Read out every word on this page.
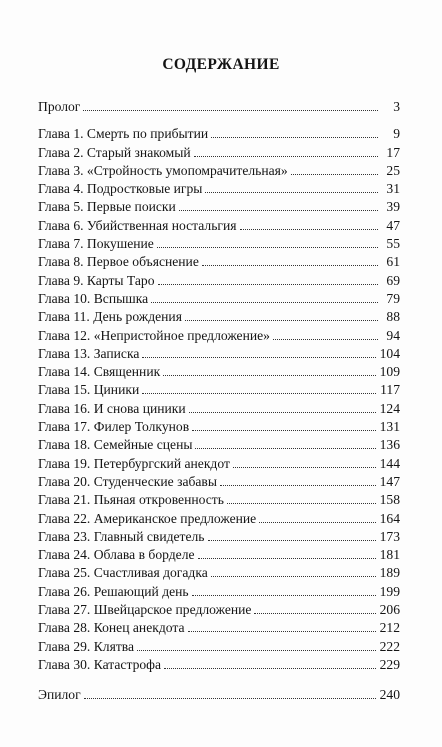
СОДЕРЖАНИЕ
Пролог	3
Глава 1. Смерть по прибытии	9
Глава 2. Старый знакомый	17
Глава 3. «Стройность умопомрачительная»	25
Глава 4. Подростковые игры	31
Глава 5. Первые поиски	39
Глава 6. Убийственная ностальгия	47
Глава 7. Покушение	55
Глава 8. Первое объяснение	61
Глава 9. Карты Таро	69
Глава 10. Вспышка	79
Глава 11. День рождения	88
Глава 12. «Непристойное предложение»	94
Глава 13. Записка	104
Глава 14. Священник	109
Глава 15. Циники	117
Глава 16. И снова циники	124
Глава 17. Филер Толкунов	131
Глава 18. Семейные сцены	136
Глава 19. Петербургский анекдот	144
Глава 20. Студенческие забавы	147
Глава 21. Пьяная откровенность	158
Глава 22. Американское предложение	164
Глава 23. Главный свидетель	173
Глава 24. Облава в борделе	181
Глава 25. Счастливая догадка	189
Глава 26. Решающий день	199
Глава 27. Швейцарское предложение	206
Глава 28. Конец анекдота	212
Глава 29. Клятва	222
Глава 30. Катастрофа	229
Эпилог	240
